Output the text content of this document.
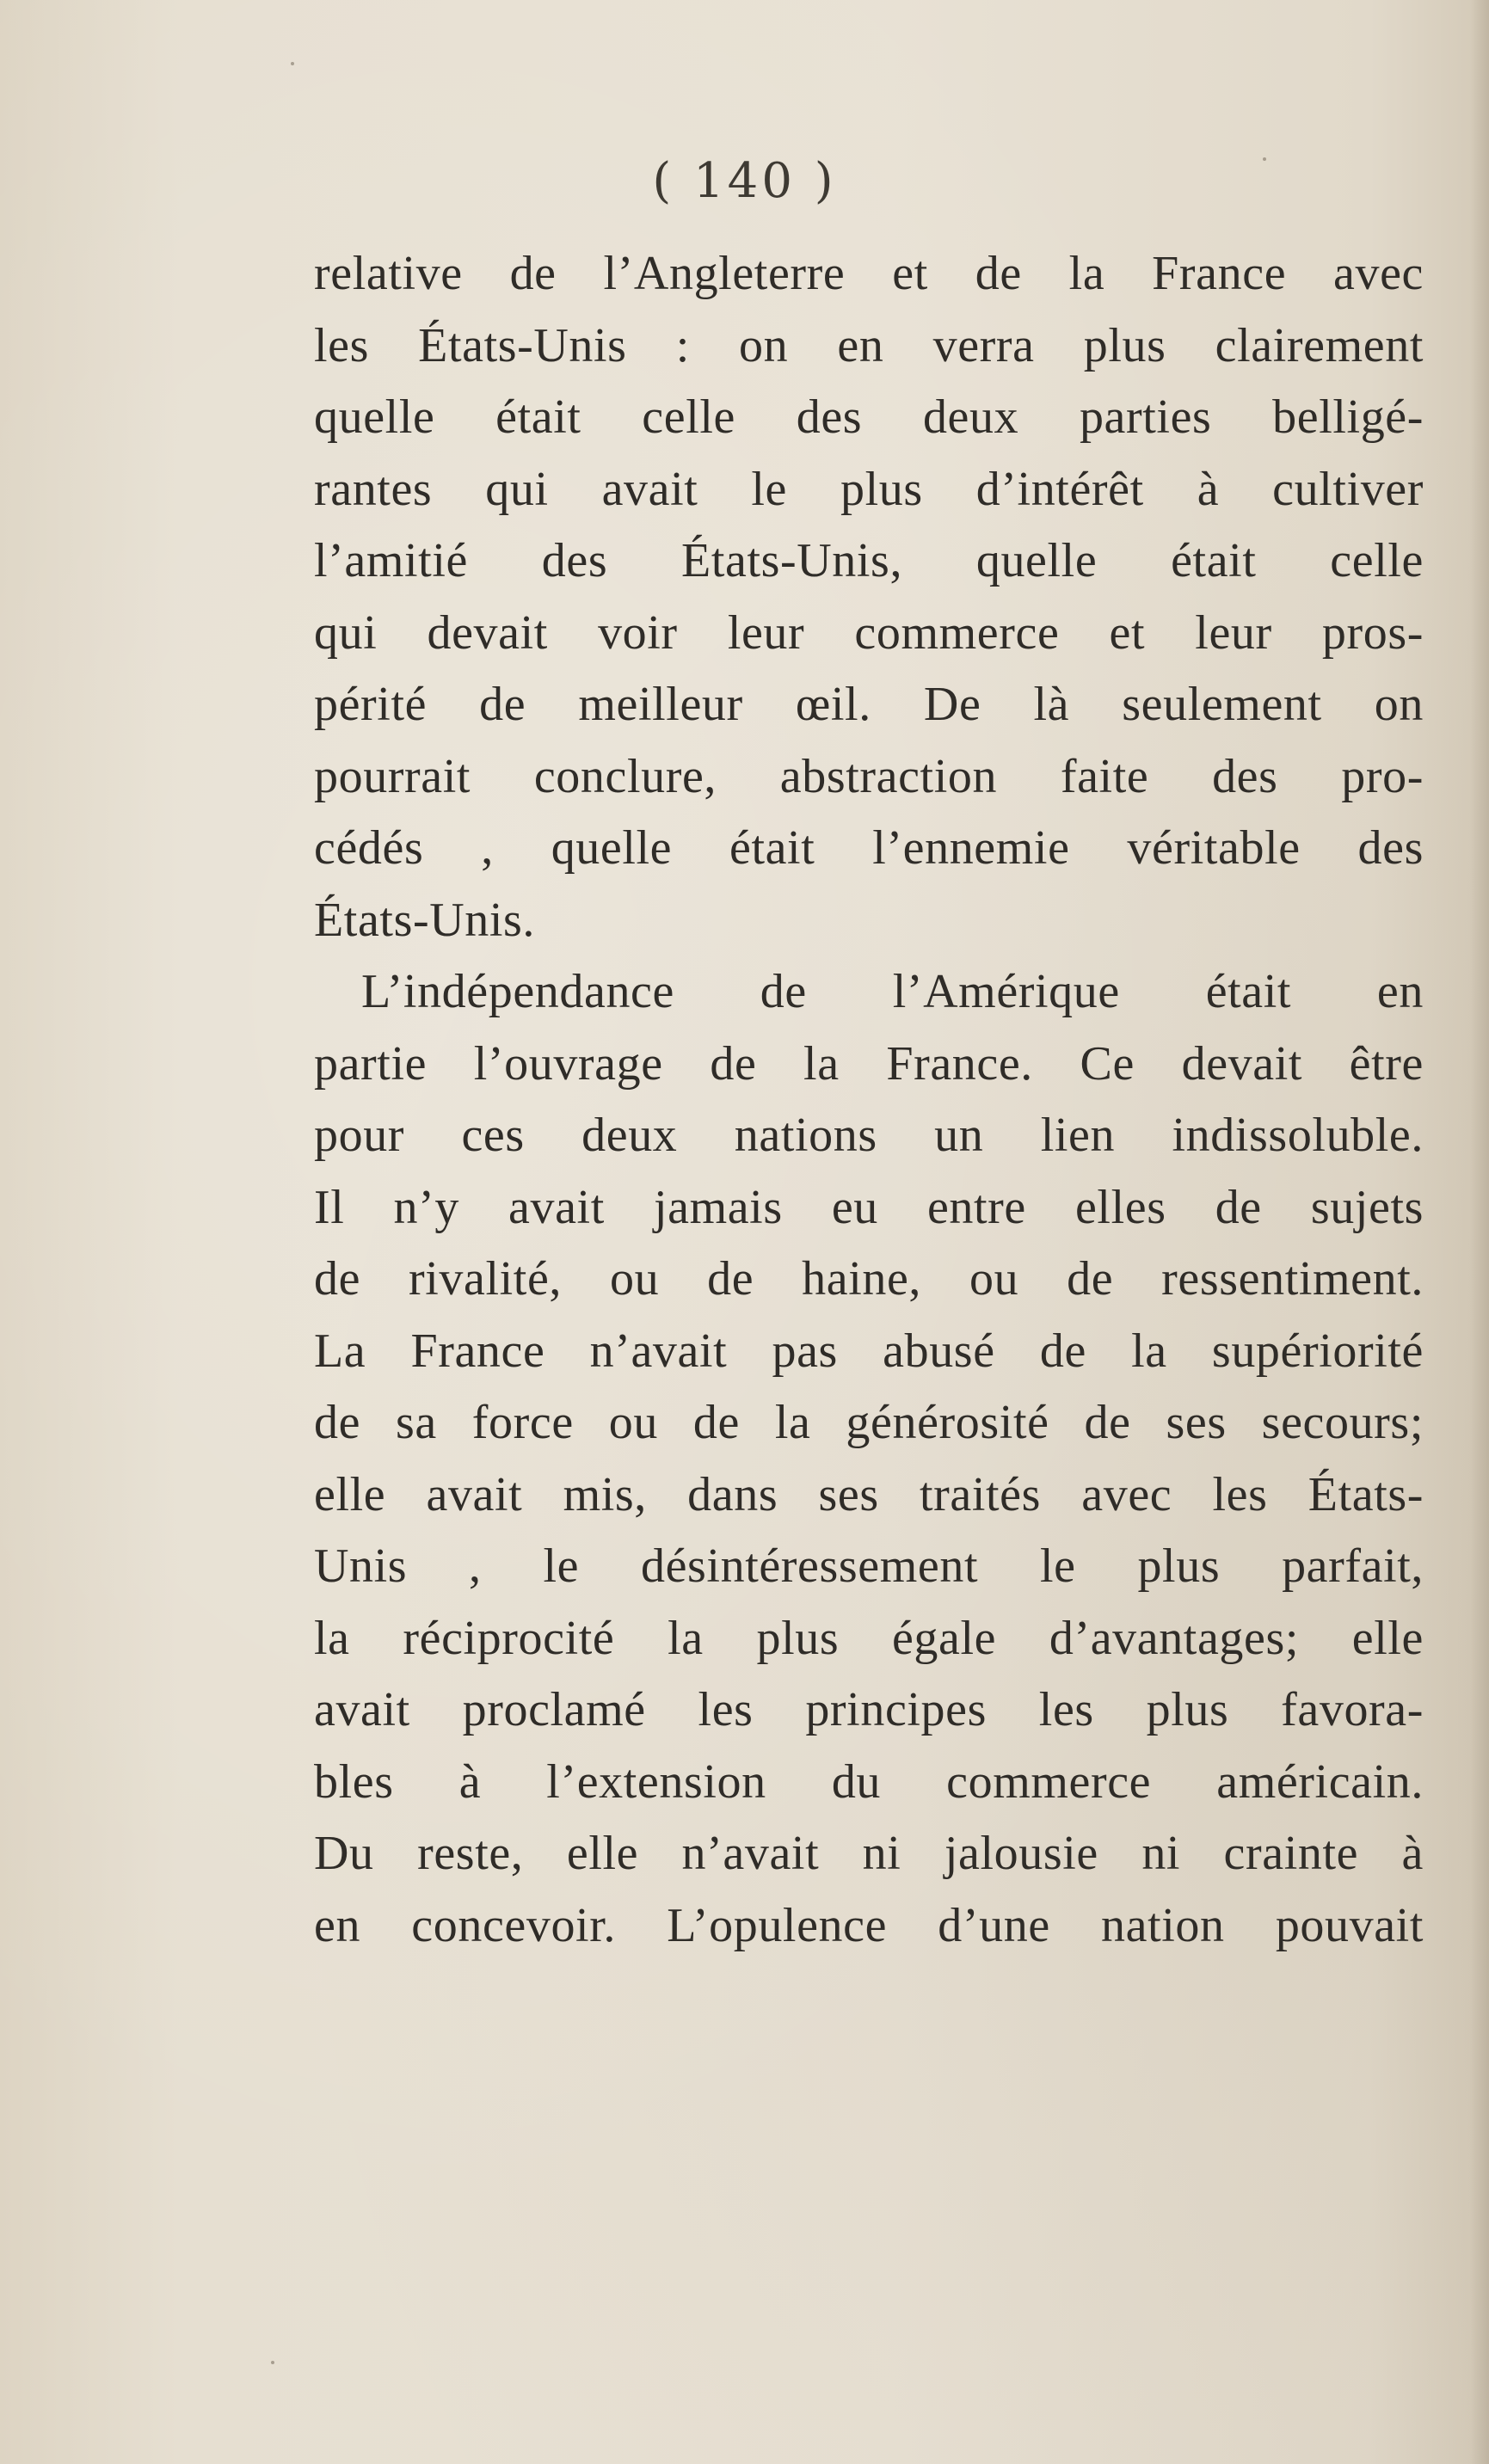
( 140 )
relative de l’Angleterre et de la France avec
les États-Unis : on en verra plus clairement
quelle était celle des deux parties belligé-
rantes qui avait le plus d’intérêt à cultiver
l’amitié des États-Unis, quelle était celle
qui devait voir leur commerce et leur pros-
périté de meilleur œil. De là seulement on
pourrait conclure, abstraction faite des pro-
cédés , quelle était l’ennemie véritable des
États-Unis.
L’indépendance de l’Amérique était en
partie l’ouvrage de la France. Ce devait être
pour ces deux nations un lien indissoluble.
Il n’y avait jamais eu entre elles de sujets
de rivalité, ou de haine, ou de ressentiment.
La France n’avait pas abusé de la supériorité
de sa force ou de la générosité de ses secours;
elle avait mis, dans ses traités avec les États-
Unis , le désintéressement le plus parfait,
la réciprocité la plus égale d’avantages; elle
avait proclamé les principes les plus favora-
bles à l’extension du commerce américain.
Du reste, elle n’avait ni jalousie ni crainte à
en concevoir. L’opulence d’une nation pouvait
